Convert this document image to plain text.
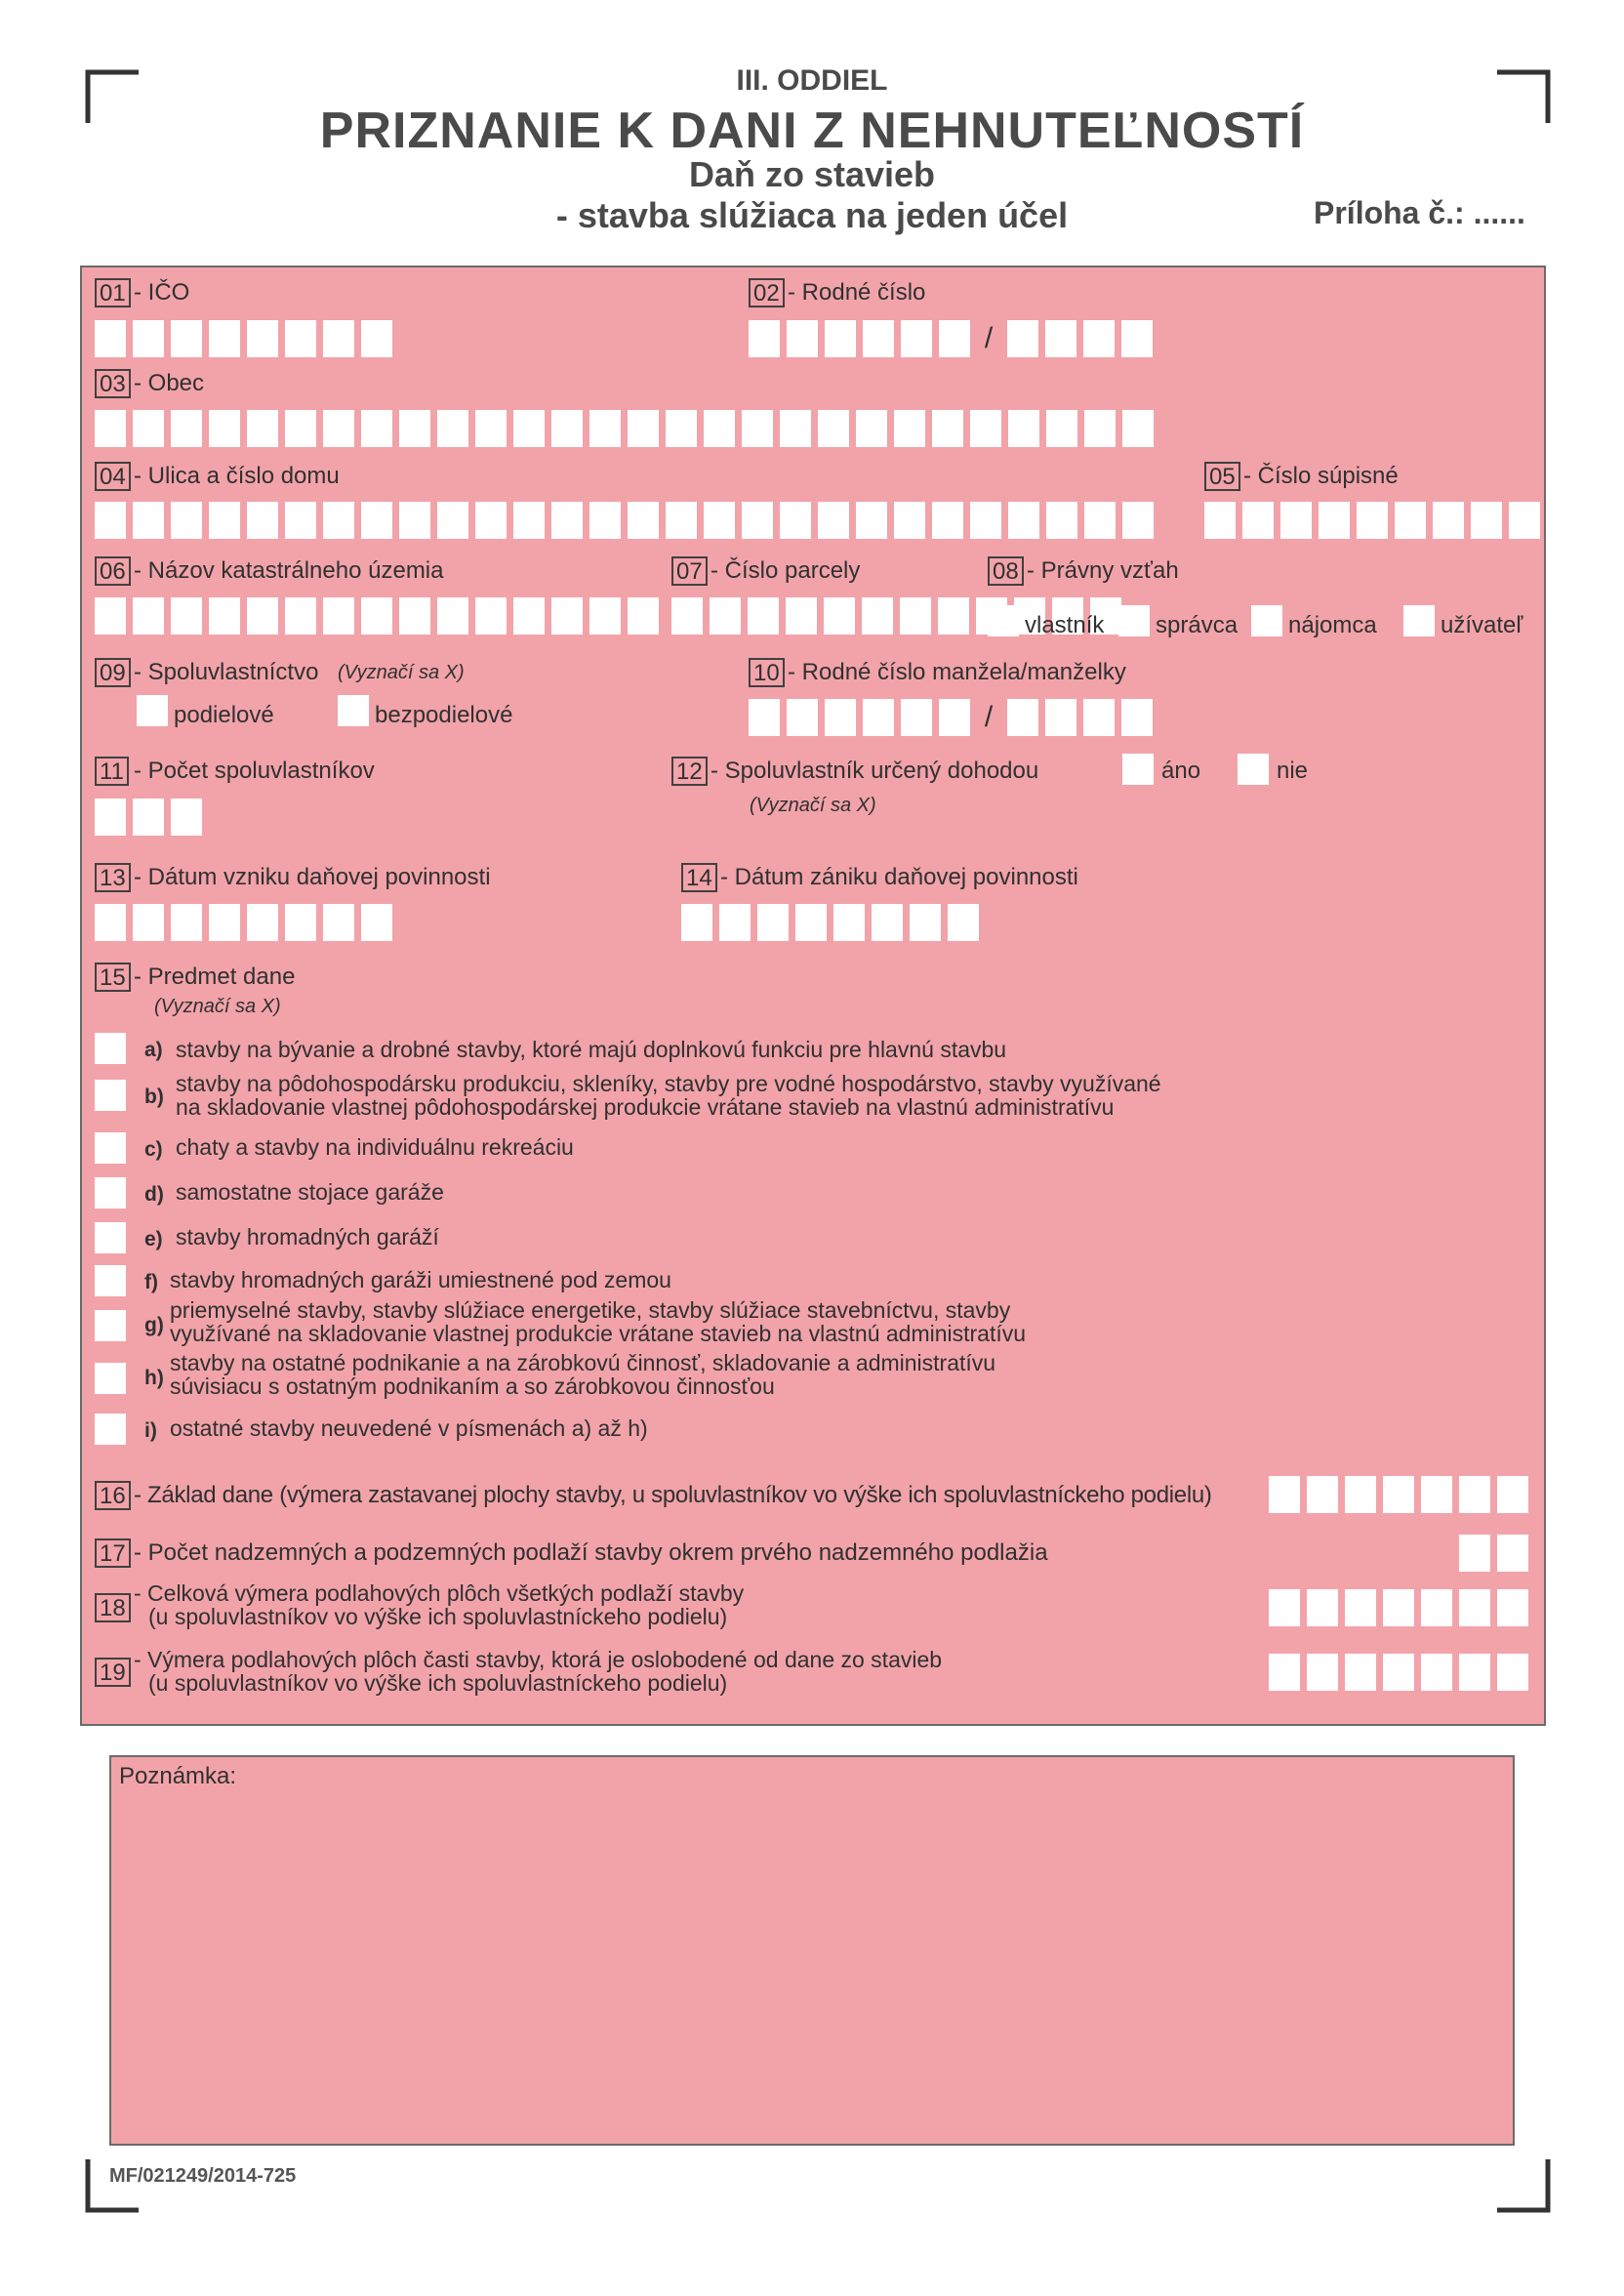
III. ODDIEL
PRIZNANIE K DANI Z NEHNUTEĽNOSTÍ
Daň zo stavieb
- stavba slúžiaca na jeden účel	Príloha č.: ......
01 - IČO	02 - Rodné číslo
/
03 - Obec
04 - Ulica a číslo domu	05 - Číslo súpisné
06 - Názov katastrálneho územia	07 - Číslo parcely	08 - Právny vzťah
vlastník správca nájomca	užívateľ
09 - Spoluvlastníctvo (Vyznačí sa X)
podielové	bezpodielové
10 - Rodné číslo manžela/manželky
/
11 - Počet spoluvlastníkov	12 - Spoluvlastník určený dohodou
(Vyznačí sa X)
áno	nie
13 - Dátum vzniku daňovej povinnosti	14 - Dátum zániku daňovej povinnosti
15 - Predmet dane
(Vyznačí sa X)
a) stavby na bývanie a drobné stavby, ktoré majú doplnkovú funkciu pre hlavnú stavbu
b)
stavby na pôdohospodársku produkciu, skleníky, stavby pre vodné hospodárstvo, stavby využívané
na skladovanie vlastnej pôdohospodárskej produkcie vrátane stavieb na vlastnú administratívu
c) chaty a stavby na individuálnu rekreáciu
d) samostatne stojace garáže
e) stavby hromadných garáží
f) stavby hromadných garáži umiestnené pod zemou
g)
priemyselné stavby, stavby slúžiace energetike, stavby slúžiace stavebníctvu, stavby
využívané na skladovanie vlastnej produkcie vrátane stavieb na vlastnú administratívu
h)
stavby na ostatné podnikanie a na zárobkovú činnosť, skladovanie a administratívu
súvisiacu s ostatným podnikaním a so zárobkovou činnosťou
i) ostatné stavby neuvedené v písmenách a) až h)
16 - Základ dane (výmera zastavanej plochy stavby, u spoluvlastníkov vo výške ich spoluvlastníckeho podielu)
17 - Počet nadzemných a podzemných podlaží stavby okrem prvého nadzemného podlažia
18
- Celková výmera podlahových plôch všetkých podlaží stavby
(u spoluvlastníkov vo výške ich spoluvlastníckeho podielu)
19 - Výmera podlahových plôch časti stavby, ktorá je oslobodené od dane zo stavieb
(u spoluvlastníkov vo výške ich spoluvlastníckeho podielu)
Poznámka:
MF/021249/2014-725
